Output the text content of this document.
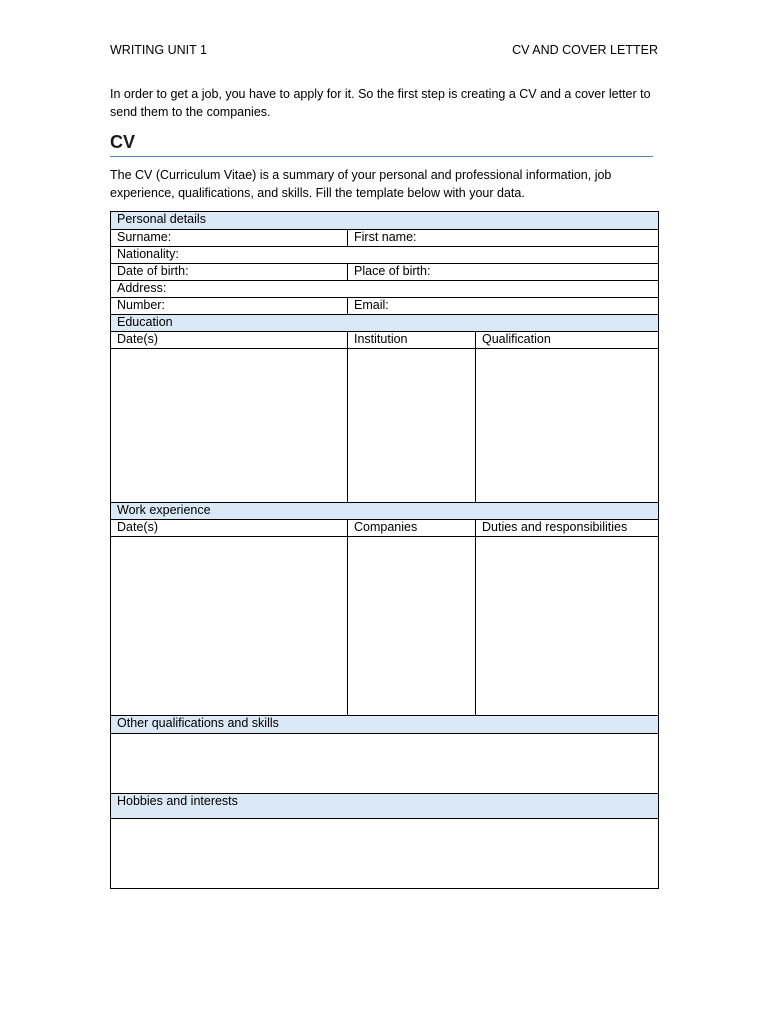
WRITING UNIT 1	CV AND COVER LETTER

In order to get a job, you have to apply for it. So the first step is creating a CV and a cover letter to send them to the companies.

CV

The CV (Curriculum Vitae) is a summary of your personal and professional information, job experience, qualifications, and skills. Fill the template below with your data.

Personal details		
Surname:	First name:	
Nationality:		
Date of birth:	Place of birth:	
Address:		
Number:	Email:	
Education		
Date(s)	Institution	Qualification

Work experience		
Date(s)	Companies	Duties and responsibilities

Other qualifications and skills		

Hobbies and interests		
